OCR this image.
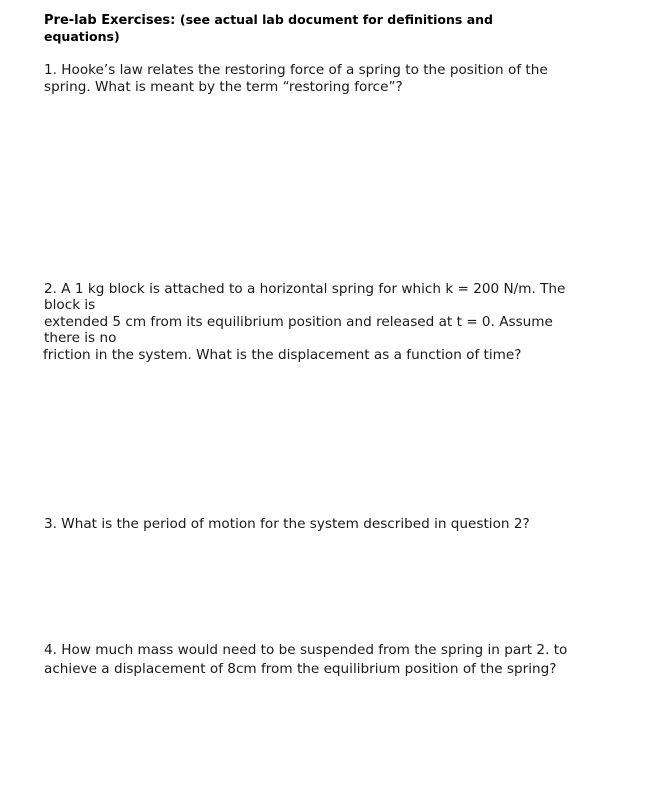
Pre-lab Exercises: (see actual lab document for definitions and
equations)
1. Hooke’s law relates the restoring force of a spring to the position of the
spring. What is meant by the term “restoring force”?
2. A 1 kg block is attached to a horizontal spring for which k = 200 N/m. The
block is
extended 5 cm from its equilibrium position and released at t = 0. Assume
there is no
friction in the system. What is the displacement as a function of time?
3. What is the period of motion for the system described in question 2?
4. How much mass would need to be suspended from the spring in part 2. to
achieve a displacement of 8cm from the equilibrium position of the spring?
